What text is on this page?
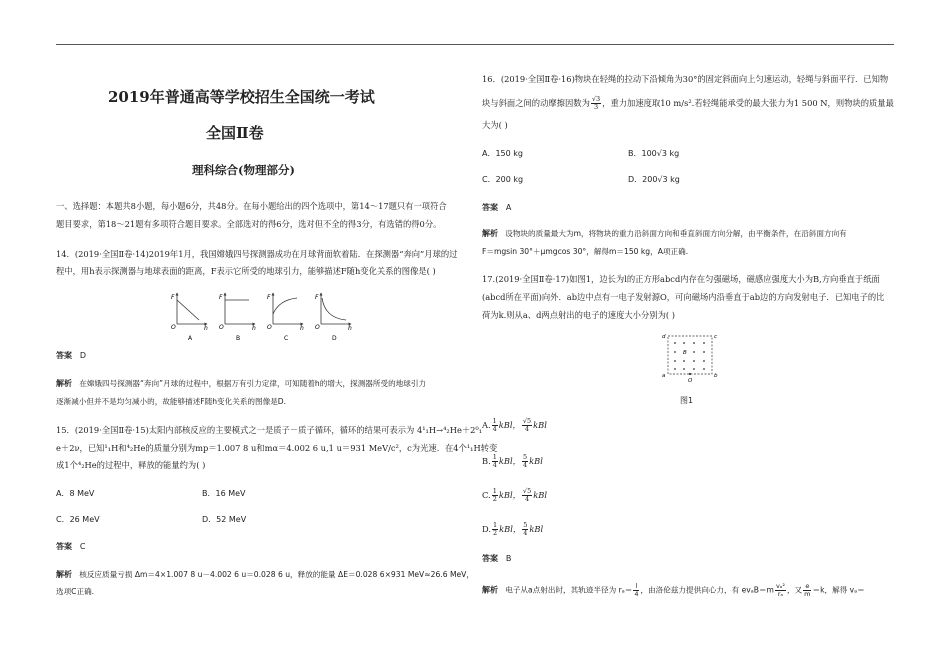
2019年普通高等学校招生全国统一考试
全国Ⅱ卷
理科综合(物理部分)
一、选择题：本题共8小题，每小题6分，共48分。在每小题给出的四个选项中，第14～17题只有一项符合
题目要求，第18～21题有多项符合题目要求。全部选对的得6分，选对但不全的得3分，有选错的得0分。
14．(2019·全国Ⅱ卷·14)2019年1月，我国嫦娥四号探测器成功在月球背面软着陆．在探测器“奔向”月球的过
程中，用h表示探测器与地球表面的距离，F表示它所受的地球引力，能够描述F随h变化关系的图像是( )
F
O	h
A
F
O	h
B
F
O	h
C
F
O	h
D
答案 D
解析 在嫦娥四号探测器“奔向”月球的过程中，根据万有引力定律，可知随着h的增大，探测器所受的地球引力
逐渐减小但并不是均匀减小的，故能够描述F随h变化关系的图像是D.
15．(2019·全国Ⅱ卷·15)太阳内部核反应的主要模式之一是质子－质子循环，循环的结果可表示为 4¹₁H→⁴₂He＋2⁰₁
e＋2ν，已知¹₁H和⁴₂He的质量分别为mp＝1.007 8 u和mα＝4.002 6 u,1 u＝931 MeV/c²，c为光速．在4个¹₁H转变
成1个⁴₂He的过程中，释放的能量约为( )
A．8 MeV	B．16 MeV
C．26 MeV	D．52 MeV
答案 C
解析 核反应质量亏损 Δm＝4×1.007 8 u－4.002 6 u＝0.028 6 u，释放的能量 ΔE＝0.028 6×931 MeV≈26.6 MeV，
选项C正确.
16．(2019·全国Ⅱ卷·16)物块在轻绳的拉动下沿倾角为30°的固定斜面向上匀速运动，轻绳与斜面平行．已知物
块与斜面之间的动摩擦因数为 $\frac{√3}{3}$ ，重力加速度取10 m/s².若轻绳能承受的最大张力为1 500 N，则物块的质量最
大为( )
A．150 kg	B．100√3 kg
C．200 kg	D．200√3 kg
答案 A
解析 设物块的质量最大为m，将物块的重力沿斜面方向和垂直斜面方向分解，由平衡条件，在沿斜面方向有
F＝mgsin 30°＋μmgcos 30°，解得m＝150 kg，A项正确.
17.(2019·全国Ⅱ卷·17)如图1，边长为l的正方形abcd内存在匀强磁场，磁感应强度大小为B,方向垂直于纸面
(abcd所在平面)向外．ab边中点有一电子发射源O，可向磁场内沿垂直于ab边的方向发射电子．已知电子的比
荷为k.则从a、d两点射出的电子的速度大小分别为( )
d	c
a	b
B
O
图1
A. $\frac{1}{4}$ kBl， $\frac{√5}{4}$ kBl
B. $\frac{1}{4}$ kBl， $\frac{5}{4}$ kBl
C. $\frac{1}{2}$ kBl， $\frac{√5}{4}$ kBl
D. $\frac{1}{2}$ kBl， $\frac{5}{4}$ kBl
答案 B
解析 电子从a点射出时，其轨迹半径为 $r_a= \frac{l}{4}$ ，由洛伦兹力提供向心力，有 $ev_aB=m \frac{\text{vₐ²}}{\text{rₐ}}$ ，又 $\frac{e}{m} =k$，解得 vₐ＝
